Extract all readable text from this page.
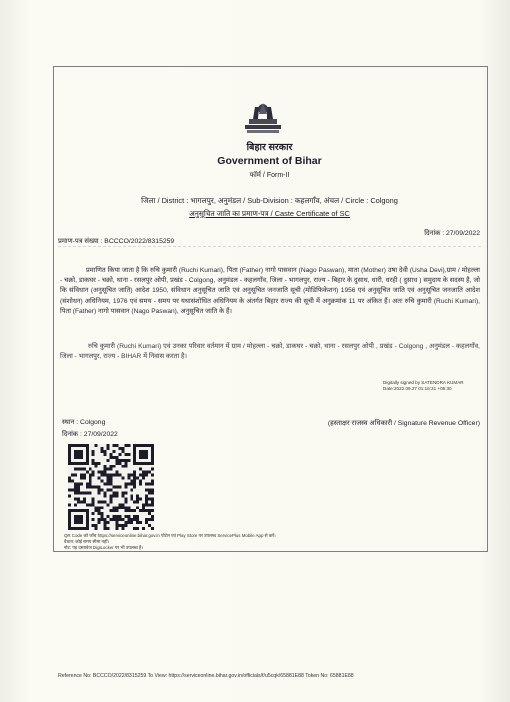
बिहार सरकार
Government of Bihar
फॉर्म / Form-II
जिला / District : भागलपुर, अनुमंडल / Sub-Division : कहलगाँव, अंचल / Circle : Colgong
अनुसूचित जाति का प्रमाण-पत्र / Caste Certificate of SC
प्रमाण-पत्र संख्या : BCCCO/2022/8315259
दिनांक : 27/09/2022
प्रमाणित किया जाता है कि रुचि कुमारी (Ruchi Kumari), पिता (Father) नागो पासवान (Nago Paswan), माता (Mother) उषा देवी (Usha Devi),ग्राम / मोहल्ला - चक्रो, डाकघर - चक्रो, थाना - रसलपुर ओपी, प्रखंड - Colgong, अनुमंडल - कहलगाँव, जिला - भागलपुर, राज्य - बिहार के दुसाध, धारी, धरही ( दुसाध ) समुदाय के सदस्य है, जो कि संविधान (अनुसूचित जाति) आदेश 1950, संविधान अनुसूचित जाति एवं अनुसूचित जनजाति सूची (मोडिफिकेशन) 1956 एवं अनुसूचित जाति एवं अनुसूचित जनजाति आदेश (संशोधन) अधिनियम, 1976 एवं समय - समय पर यथासंशोधित अधिनियम के अंतर्गत बिहार राज्य की सूची में अनुक्रमांक 11 पर अंकित हैं। अतः रुचि कुमारी (Ruchi Kumari), पिता (Father) नागो पासवान (Nago Paswan), अनुसूचित जाति के हैं।
रुचि कुमारी (Ruchi Kumari) एवं उनका परिवार वर्तमान में ग्राम / मोहल्ला - चक्रो, डाकघर - चक्रो, थाना - रसलपुर ओपी , प्रखंड - Colgong , अनुमंडल - कहलगाँव, जिला - भागलपुर, राज्य - BIHAR में निवास करता है।
Digitally signed by SATENDRA KUMAR
Date:2022.09.27 01:16:31 +05:30
स्थान : Colgong
दिनांक : 27/09/2022
(हस्ताक्षर राजस्व अधिकारी / Signature Revenue Officer)
QR Code को जाँच https://serviceonline.bihar.gov.in पोर्टल एवं Play Store पर उपलब्ध ServicePlus Mobile App से करें।
वैधता: कोई समय सीमा नहीं।
नोट: यह दस्तावेज DigiLocker पर भी उपलब्ध है।
Reference No: BCCCO/2022/8315259 To View: https://serviceonline.bihar.gov.in/officials/f/u5cqk/65881E88 Token No: 65881E88
